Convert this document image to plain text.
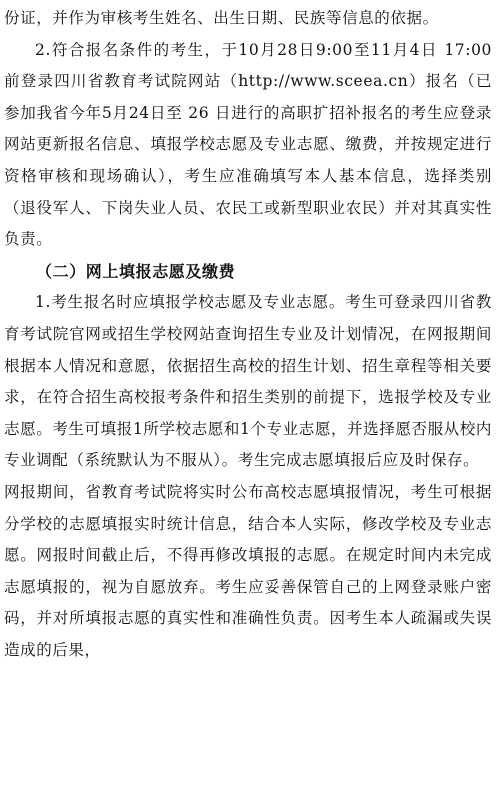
份证，并作为审核考生姓名、出生日期、民族等信息的依据。

2.符合报名条件的考生，于10月28日9:00至11月4日 17:00 前登录四川省教育考试院网站（http://www.sceea.cn）报名（已参加我省今年5月24日至 26 日进行的高职扩招补报名的考生应登录网站更新报名信息、填报学校志愿及专业志愿、缴费，并按规定进行资格审核和现场确认），考生应准确填写本人基本信息，选择类别（退役军人、下岗失业人员、农民工或新型职业农民）并对其真实性负责。

（二）网上填报志愿及缴费

1.考生报名时应填报学校志愿及专业志愿。考生可登录四川省教育考试院官网或招生学校网站查询招生专业及计划情况，在网报期间根据本人情况和意愿，依据招生高校的招生计划、招生章程等相关要求，在符合招生高校报考条件和招生类别的前提下，选报学校及专业志愿。考生可填报1所学校志愿和1个专业志愿，并选择愿否服从校内专业调配（系统默认为不服从）。考生完成志愿填报后应及时保存。

网报期间，省教育考试院将实时公布高校志愿填报情况，考生可根据分学校的志愿填报实时统计信息，结合本人实际，修改学校及专业志愿。网报时间截止后，不得再修改填报的志愿。在规定时间内未完成志愿填报的，视为自愿放弃。考生应妥善保管自己的上网登录账户密码，并对所填报志愿的真实性和准确性负责。因考生本人疏漏或失误造成的后果，
